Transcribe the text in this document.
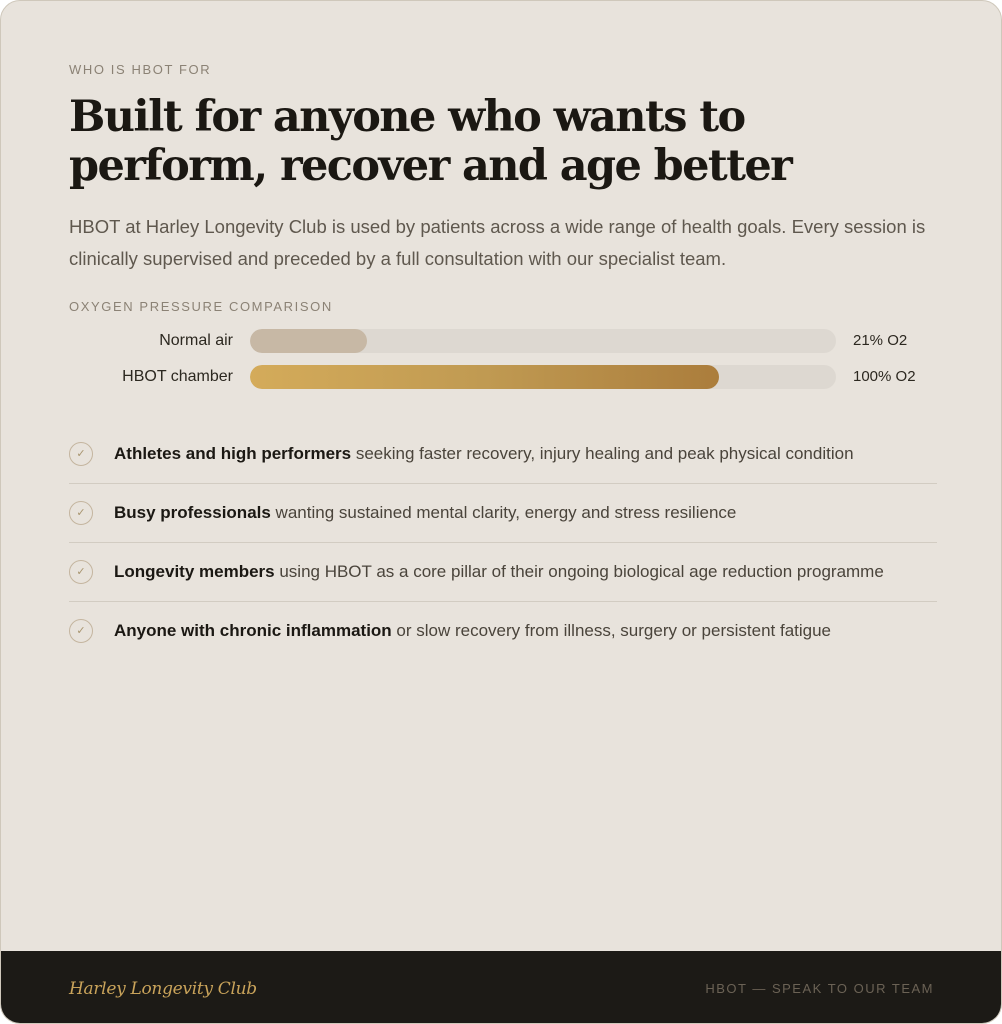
WHO IS HBOT FOR
Built for anyone who wants to perform, recover and age better

HBOT at Harley Longevity Club is used by patients across a wide range of health goals. Every session is clinically supervised and preceded by a full consultation with our specialist team.

OXYGEN PRESSURE COMPARISON
Normal air	21% O2
HBOT chamber	100% O2
✓	Athletes and high performers seeking faster recovery, injury healing and peak physical condition
✓	Busy professionals wanting sustained mental clarity, energy and stress resilience
✓	Longevity members using HBOT as a core pillar of their ongoing biological age reduction programme
✓	Anyone with chronic inflammation or slow recovery from illness, surgery or persistent fatigue
Harley Longevity Club	HBOT — SPEAK TO OUR TEAM
